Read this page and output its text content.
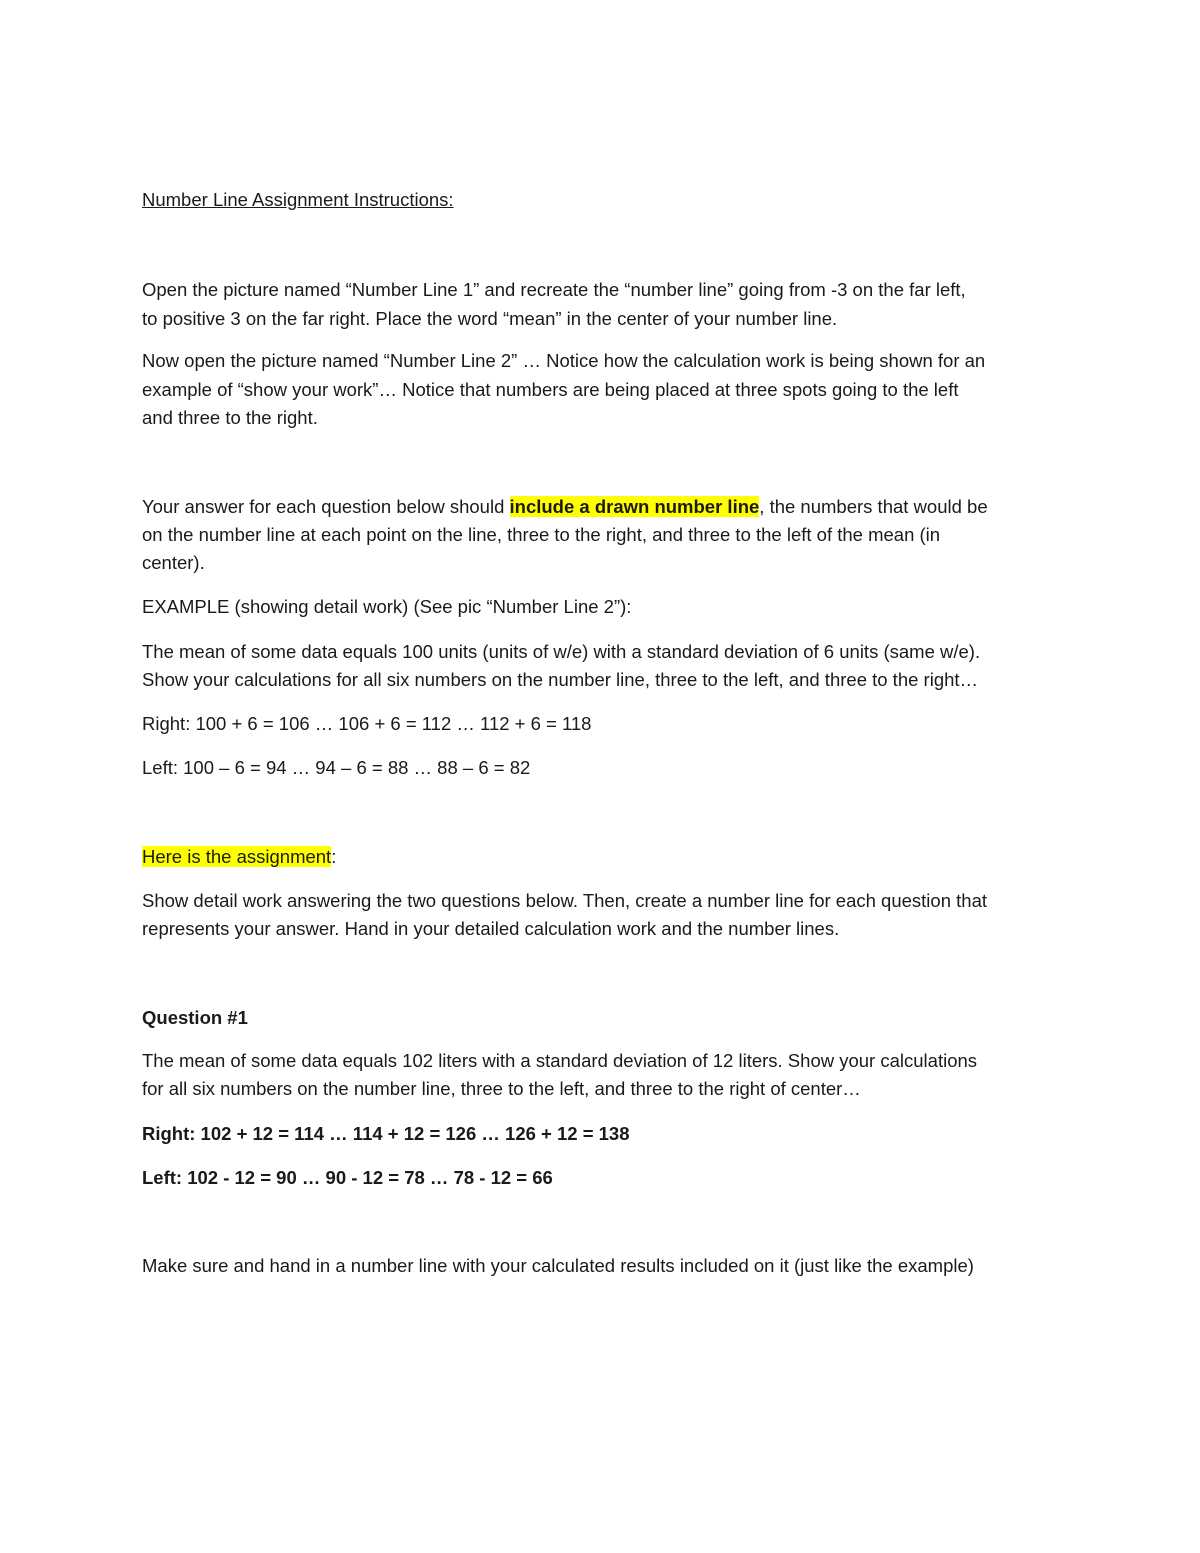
Number Line Assignment Instructions:
Open the picture named “Number Line 1” and recreate the “number line” going from -3 on the far left,
to positive 3 on the far right. Place the word “mean” in the center of your number line.
Now open the picture named “Number Line 2” … Notice how the calculation work is being shown for an
example of “show your work”… Notice that numbers are being placed at three spots going to the left
and three to the right.
Your answer for each question below should include a drawn number line, the numbers that would be
on the number line at each point on the line, three to the right, and three to the left of the mean (in
center).
EXAMPLE (showing detail work) (See pic “Number Line 2”):
The mean of some data equals 100 units (units of w/e) with a standard deviation of 6 units (same w/e).
Show your calculations for all six numbers on the number line, three to the left, and three to the right…
Right: 100 + 6 = 106 … 106 + 6 = 112 … 112 + 6 = 118
Left: 100 – 6 = 94 … 94 – 6 = 88 … 88 – 6 = 82
Here is the assignment:
Show detail work answering the two questions below. Then, create a number line for each question that
represents your answer. Hand in your detailed calculation work and the number lines.
Question #1
The mean of some data equals 102 liters with a standard deviation of 12 liters. Show your calculations
for all six numbers on the number line, three to the left, and three to the right of center…
Right: 102 + 12 = 114 … 114 + 12 = 126 … 126 + 12 = 138
Left: 102 - 12 = 90 … 90 - 12 = 78 … 78 - 12 = 66
Make sure and hand in a number line with your calculated results included on it (just like the example)
